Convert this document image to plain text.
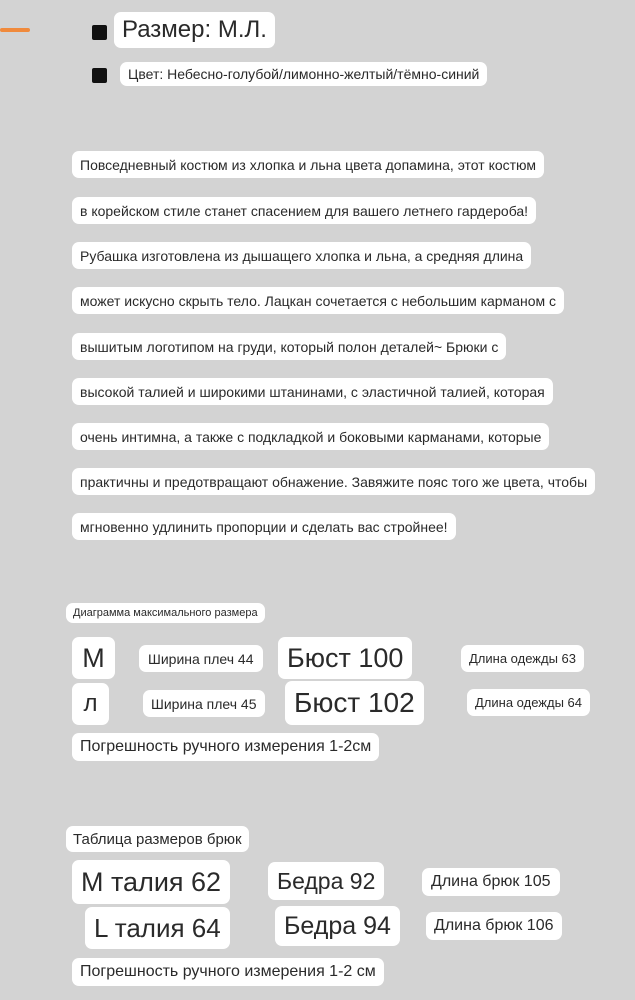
Размер: М.Л.
Цвет: Небесно-голубой/лимонно-желтый/тёмно-синий
Повседневный костюм из хлопка и льна цвета допамина, этот костюм
в корейском стиле станет спасением для вашего летнего гардероба!
Рубашка изготовлена из дышащего хлопка и льна, а средняя длина
может искусно скрыть тело. Лацкан сочетается с небольшим карманом с
вышитым логотипом на груди, который полон деталей~ Брюки с
высокой талией и широкими штанинами, с эластичной талией, которая
очень интимна, а также с подкладкой и боковыми карманами, которые
практичны и предотвращают обнажение. Завяжите пояс того же цвета, чтобы
мгновенно удлинить пропорции и сделать вас стройнее!
Диаграмма максимального размера
M	Ширина плеч 44	Бюст 100	Длина одежды 63
л	Ширина плеч 45	Бюст 102	Длина одежды 64
Погрешность ручного измерения 1-2см
Таблица размеров брюк
M талия 62	Бедра 92	Длина брюк 105
L талия 64	Бедра 94	Длина брюк 106
Погрешность ручного измерения 1-2 см
